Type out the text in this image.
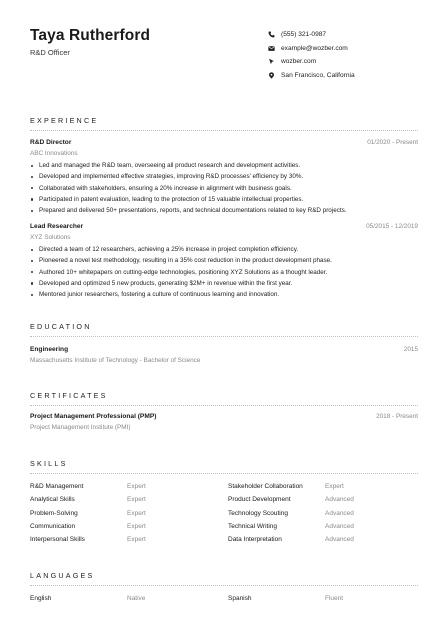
Taya Rutherford
R&D Officer
(555) 321-0987
example@wozber.com
wozber.com
San Francisco, California
EXPERIENCE
R&D Director	01/2020 - Present
ABC Innovations
Led and managed the R&D team, overseeing all product research and development activities.
Developed and implemented effective strategies, improving R&D processes' efficiency by 30%.
Collaborated with stakeholders, ensuring a 20% increase in alignment with business goals.
Participated in patent evaluation, leading to the protection of 15 valuable intellectual properties.
Prepared and delivered 50+ presentations, reports, and technical documentations related to key R&D projects.
Lead Researcher	05/2015 - 12/2019
XYZ Solutions
Directed a team of 12 researchers, achieving a 25% increase in project completion efficiency.
Pioneered a novel test methodology, resulting in a 35% cost reduction in the product development phase.
Authored 10+ whitepapers on cutting-edge technologies, positioning XYZ Solutions as a thought leader.
Developed and optimized 5 new products, generating $2M+ in revenue within the first year.
Mentored junior researchers, fostering a culture of continuous learning and innovation.
EDUCATION
Engineering	2015
Massachusetts Institute of Technology - Bachelor of Science
CERTIFICATES
Project Management Professional (PMP)	2018 - Present
Project Management Institute (PMI)
SKILLS
R&D Management	Expert	Stakeholder Collaboration	Expert
Analytical Skills	Expert	Product Development	Advanced
Problem-Solving	Expert	Technology Scouting	Advanced
Communication	Expert	Technical Writing	Advanced
Interpersonal Skills	Expert	Data Interpretation	Advanced
LANGUAGES
English	Native	Spanish	Fluent
